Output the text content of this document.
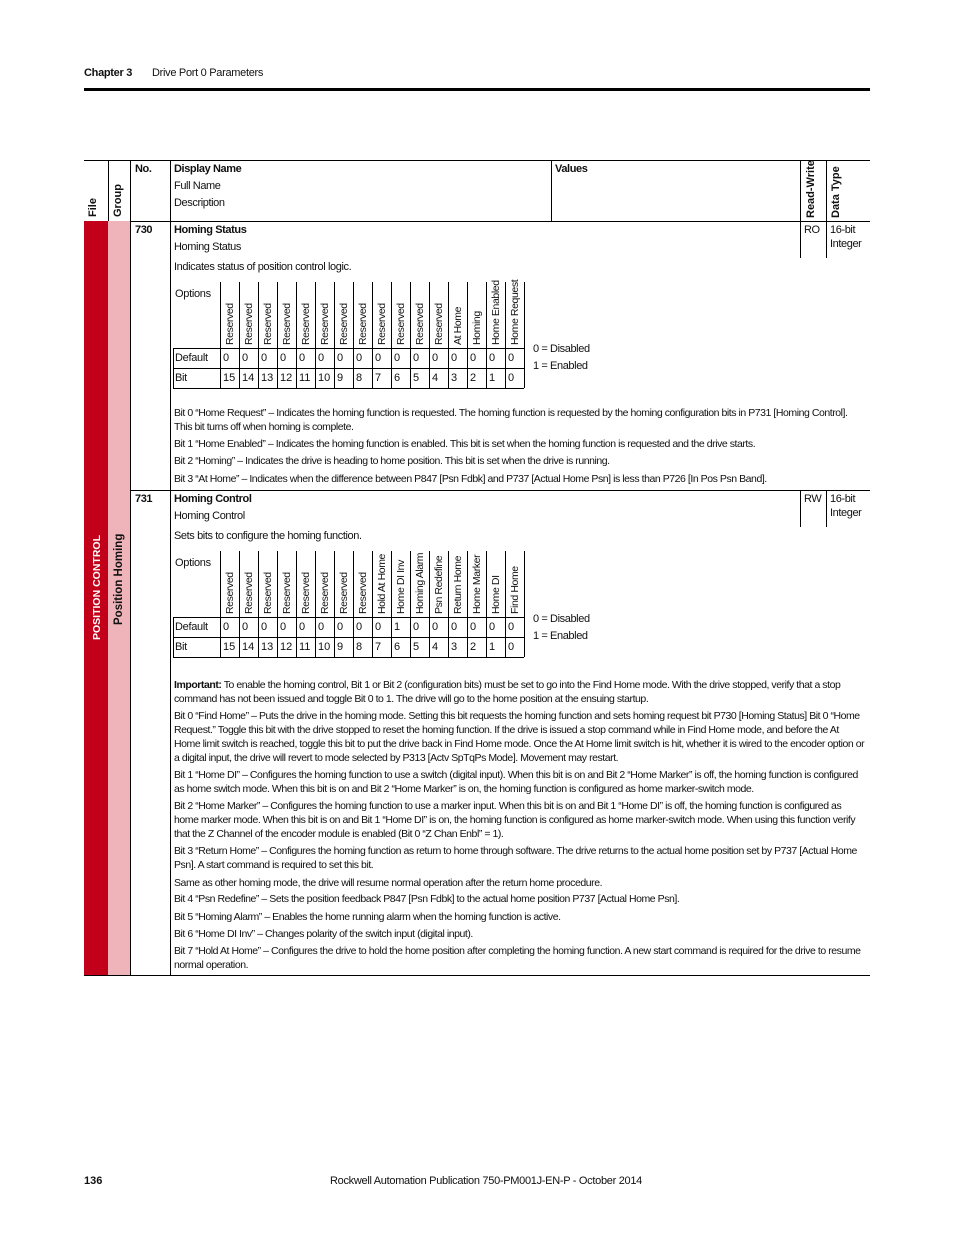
Chapter 3 Drive Port 0 Parameters
POSITION CONTROL Position Homing
File Group
No. Display Name
Full Name
Description
Values	Read-Write Data Type
730 Homing Status
Homing Status
RO 16-bit
Integer
Indicates status of position control logic.
Options
Default
Bit
Reserved
0
15
Reserved
0
14
Reserved
0
13
Reserved
0
12
Reserved
0
11
Reserved
0
10
Reserved
0
9
Reserved
0
8
Reserved
0
7
Reserved
0
6
Reserved
0
5
Reserved
0
4
At Home
0
3
Homing
0
2
Home Enabled
0
1
Home Request
0
0
0 = Disabled
1 = Enabled
Bit 0 “Home Request” – Indicates the homing function is requested. The homing function is requested by the homing configuration bits in P731 [Homing Control]. This bit turns off when homing is complete.
Bit 1 “Home Enabled” – Indicates the homing function is enabled. This bit is set when the homing function is requested and the drive starts.
Bit 2 “Homing” – Indicates the drive is heading to home position. This bit is set when the drive is running.
Bit 3 “At Home” – Indicates when the difference between P847 [Psn Fdbk] and P737 [Actual Home Psn] is less than P726 [In Pos Psn Band].
731 Homing Control
Homing Control
RW 16-bit
Integer
Sets bits to configure the homing function.
Options
Default
Bit
Reserved
0
15
Reserved
0
14
Reserved
0
13
Reserved
0
12
Reserved
0
11
Reserved
0
10
Reserved
0
9
Reserved
0
8
Hold At Home
0
7
Home DI Inv
1
6
Homing Alarm
0
5
Psn Redefine
0
4
Return Home
0
3
Home Marker
0
2
Home DI
0
1
Find Home
0
0
0 = Disabled
1 = Enabled
Important: To enable the homing control, Bit 1 or Bit 2 (configuration bits) must be set to go into the Find Home mode. With the drive stopped, verify that a stop command has not been issued and toggle Bit 0 to 1. The drive will go to the home position at the ensuing startup.
Bit 0 “Find Home” – Puts the drive in the homing mode. Setting this bit requests the homing function and sets homing request bit P730 [Homing Status] Bit 0 “Home Request.” Toggle this bit with the drive stopped to reset the homing function. If the drive is issued a stop command while in Find Home mode, and before the At Home limit switch is reached, toggle this bit to put the drive back in Find Home mode. Once the At Home limit switch is hit, whether it is wired to the encoder option or a digital input, the drive will revert to mode selected by P313 [Actv SpTqPs Mode]. Movement may restart.
Bit 1 “Home DI” – Configures the homing function to use a switch (digital input). When this bit is on and Bit 2 “Home Marker” is off, the homing function is configured as home switch mode. When this bit is on and Bit 2 “Home Marker” is on, the homing function is configured as home marker-switch mode.
Bit 2 “Home Marker” – Configures the homing function to use a marker input. When this bit is on and Bit 1 “Home DI” is off, the homing function is configured as home marker mode. When this bit is on and Bit 1 “Home DI” is on, the homing function is configured as home marker-switch mode. When using this function verify that the Z Channel of the encoder module is enabled (Bit 0 “Z Chan Enbl” = 1).
Bit 3 “Return Home” – Configures the homing function as return to home through software. The drive returns to the actual home position set by P737 [Actual Home Psn]. A start command is required to set this bit.
Same as other homing mode, the drive will resume normal operation after the return home procedure.
Bit 4 “Psn Redefine” – Sets the position feedback P847 [Psn Fdbk] to the actual home position P737 [Actual Home Psn].
Bit 5 “Homing Alarm” – Enables the home running alarm when the homing function is active.
Bit 6 “Home DI Inv” – Changes polarity of the switch input (digital input).
Bit 7 “Hold At Home” – Configures the drive to hold the home position after completing the homing function. A new start command is required for the drive to resume normal operation.
136	Rockwell Automation Publication 750-PM001J-EN-P - October 2014
